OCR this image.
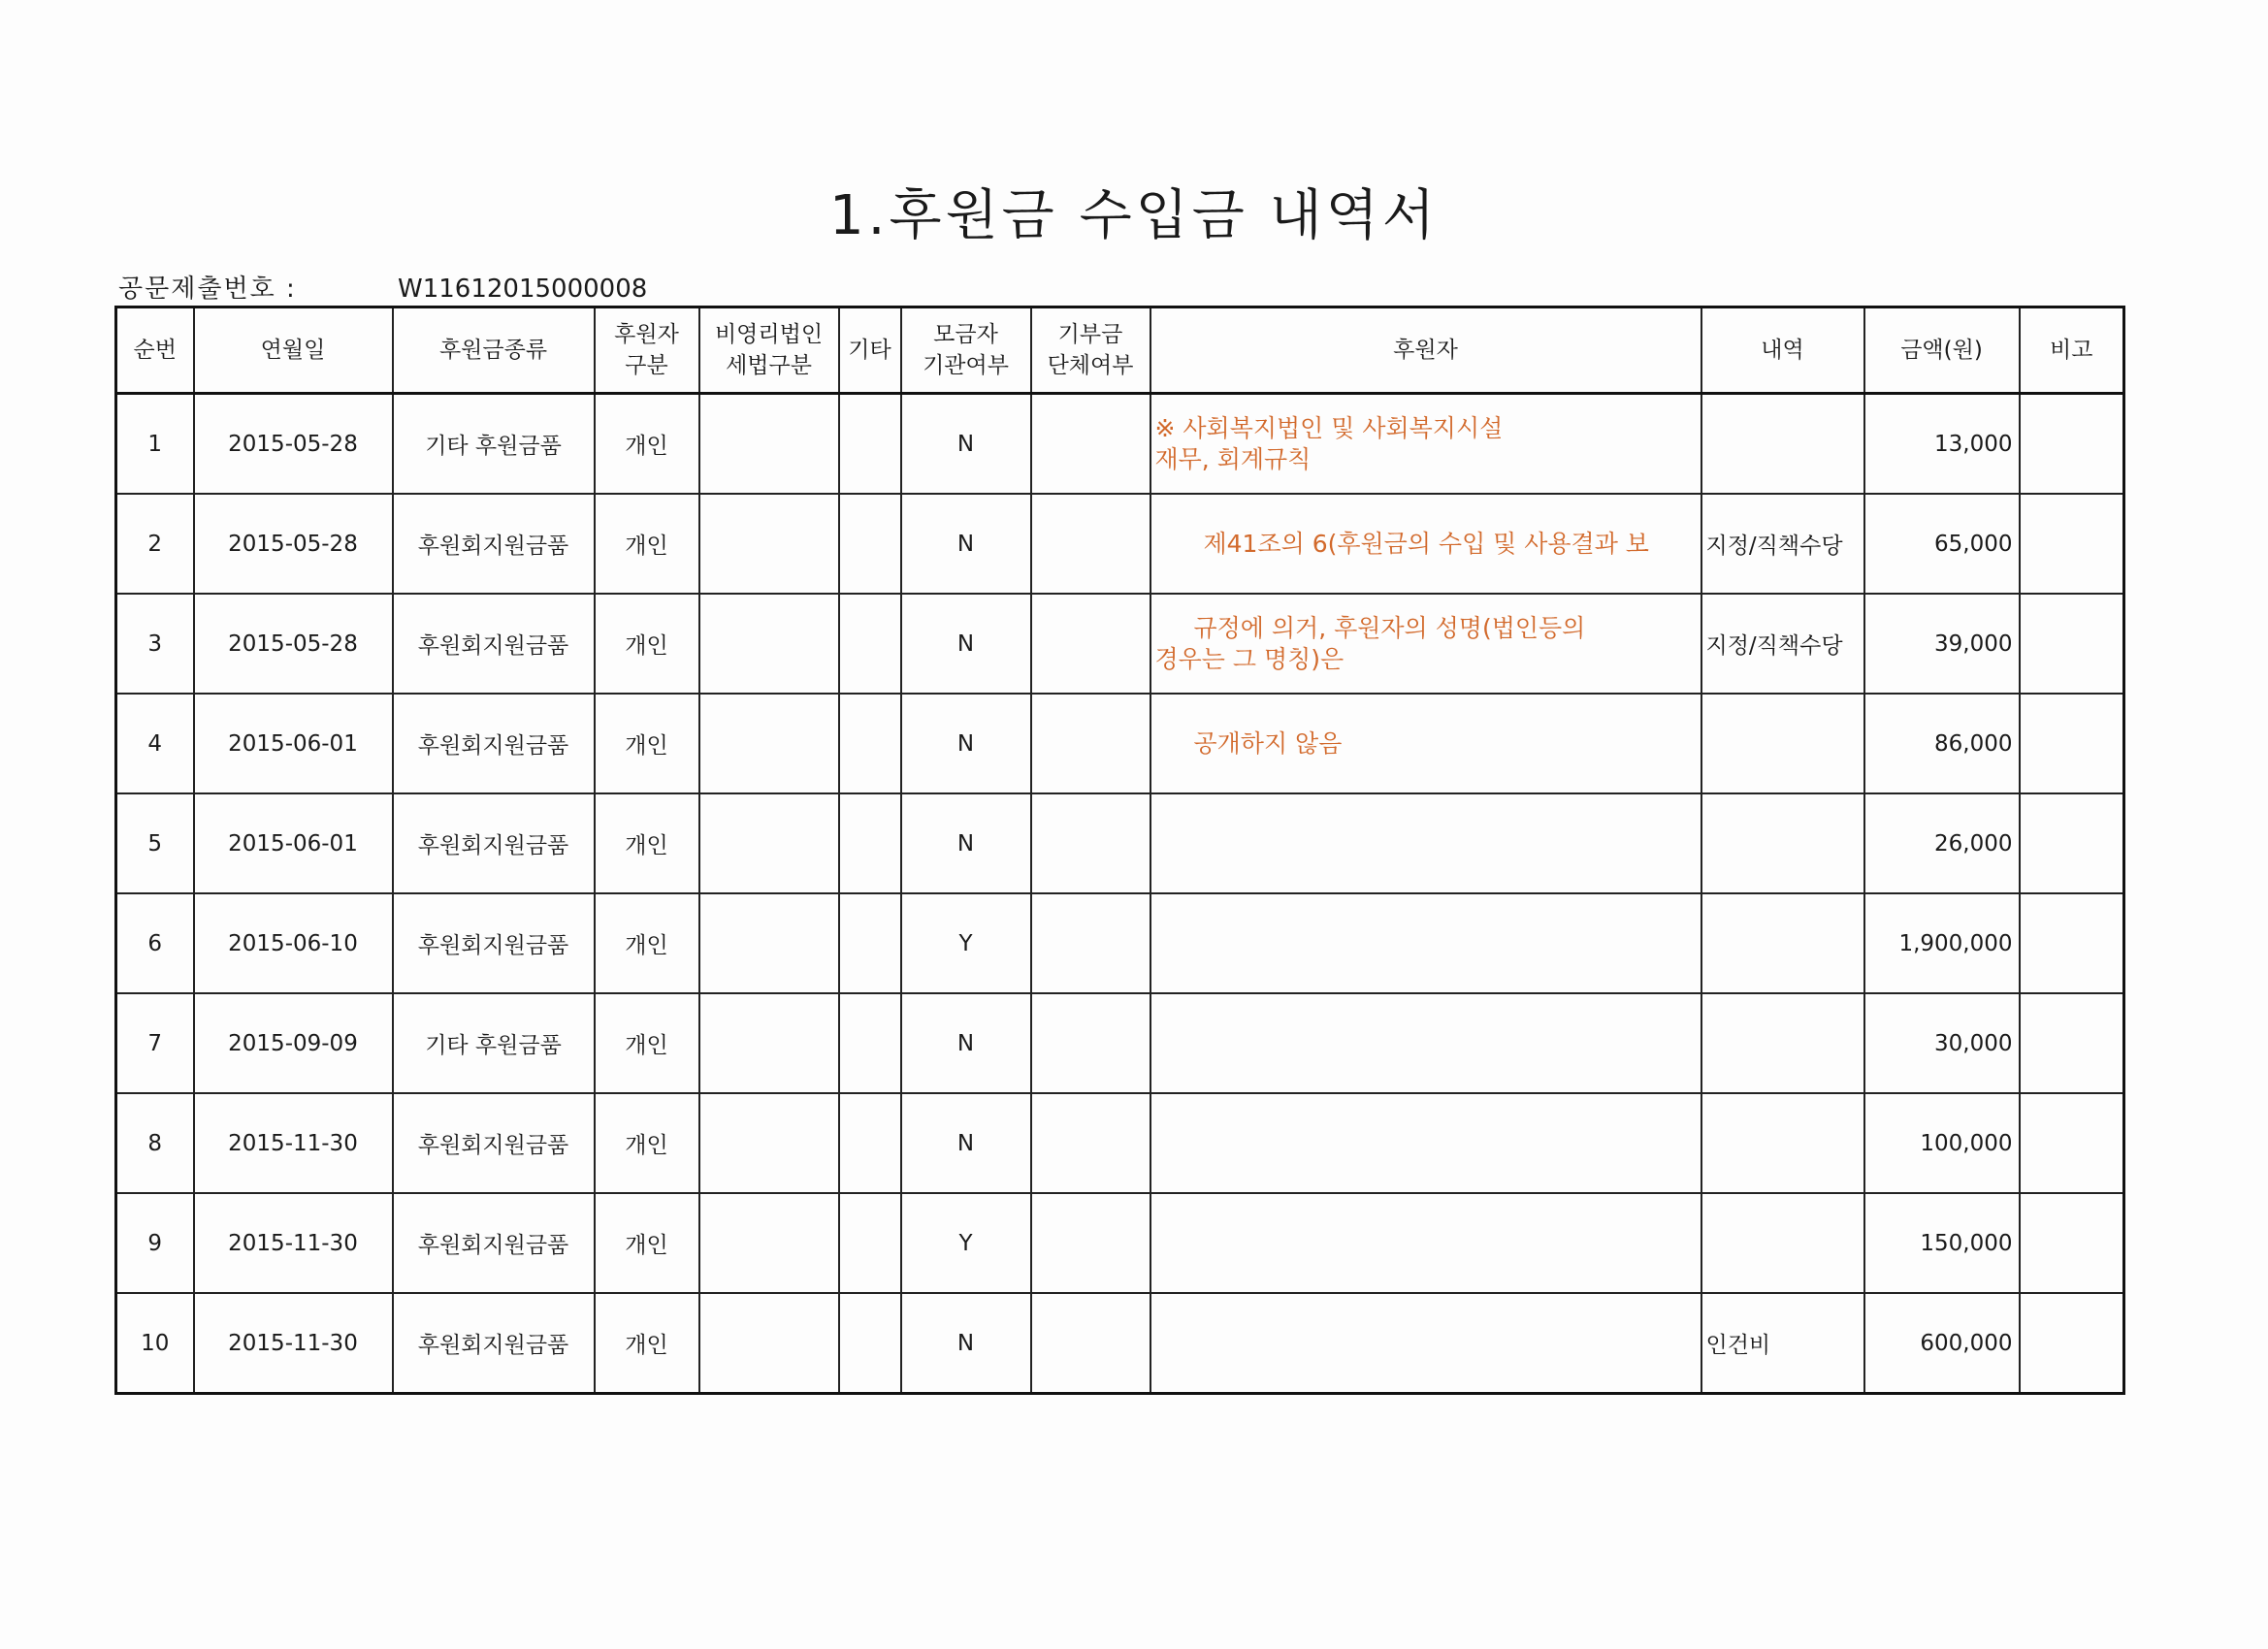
1.후원금 수입금 내역서
공문제출번호 :	W11612015000008
순번	연월일	후원금종류	후원자 구분	비영리법인 세법구분	기타	모금자 기관여부	기부금 단체여부	후원자	내역	금액(원)	비고
1	2015-05-28	기타 후원금품	개인			N		※ 사회복지법인 및 사회복지시설
재무, 회계규칙		13,000	
2	2015-05-28	후원회지원금품	개인			N		제41조의 6(후원금의 수입 및 사용결과 보	지정/직책수당	65,000	
3	2015-05-28	후원회지원금품	개인			N		규정에 의거, 후원자의 성명(법인등의
경우는 그 명칭)은	지정/직책수당	39,000	
4	2015-06-01	후원회지원금품	개인			N		공개하지 않음		86,000	
5	2015-06-01	후원회지원금품	개인			N				26,000	
6	2015-06-10	후원회지원금품	개인			Y				1,900,000	
7	2015-09-09	기타 후원금품	개인			N				30,000	
8	2015-11-30	후원회지원금품	개인			N				100,000	
9	2015-11-30	후원회지원금품	개인			Y				150,000	
10	2015-11-30	후원회지원금품	개인			N			인건비	600,000	
